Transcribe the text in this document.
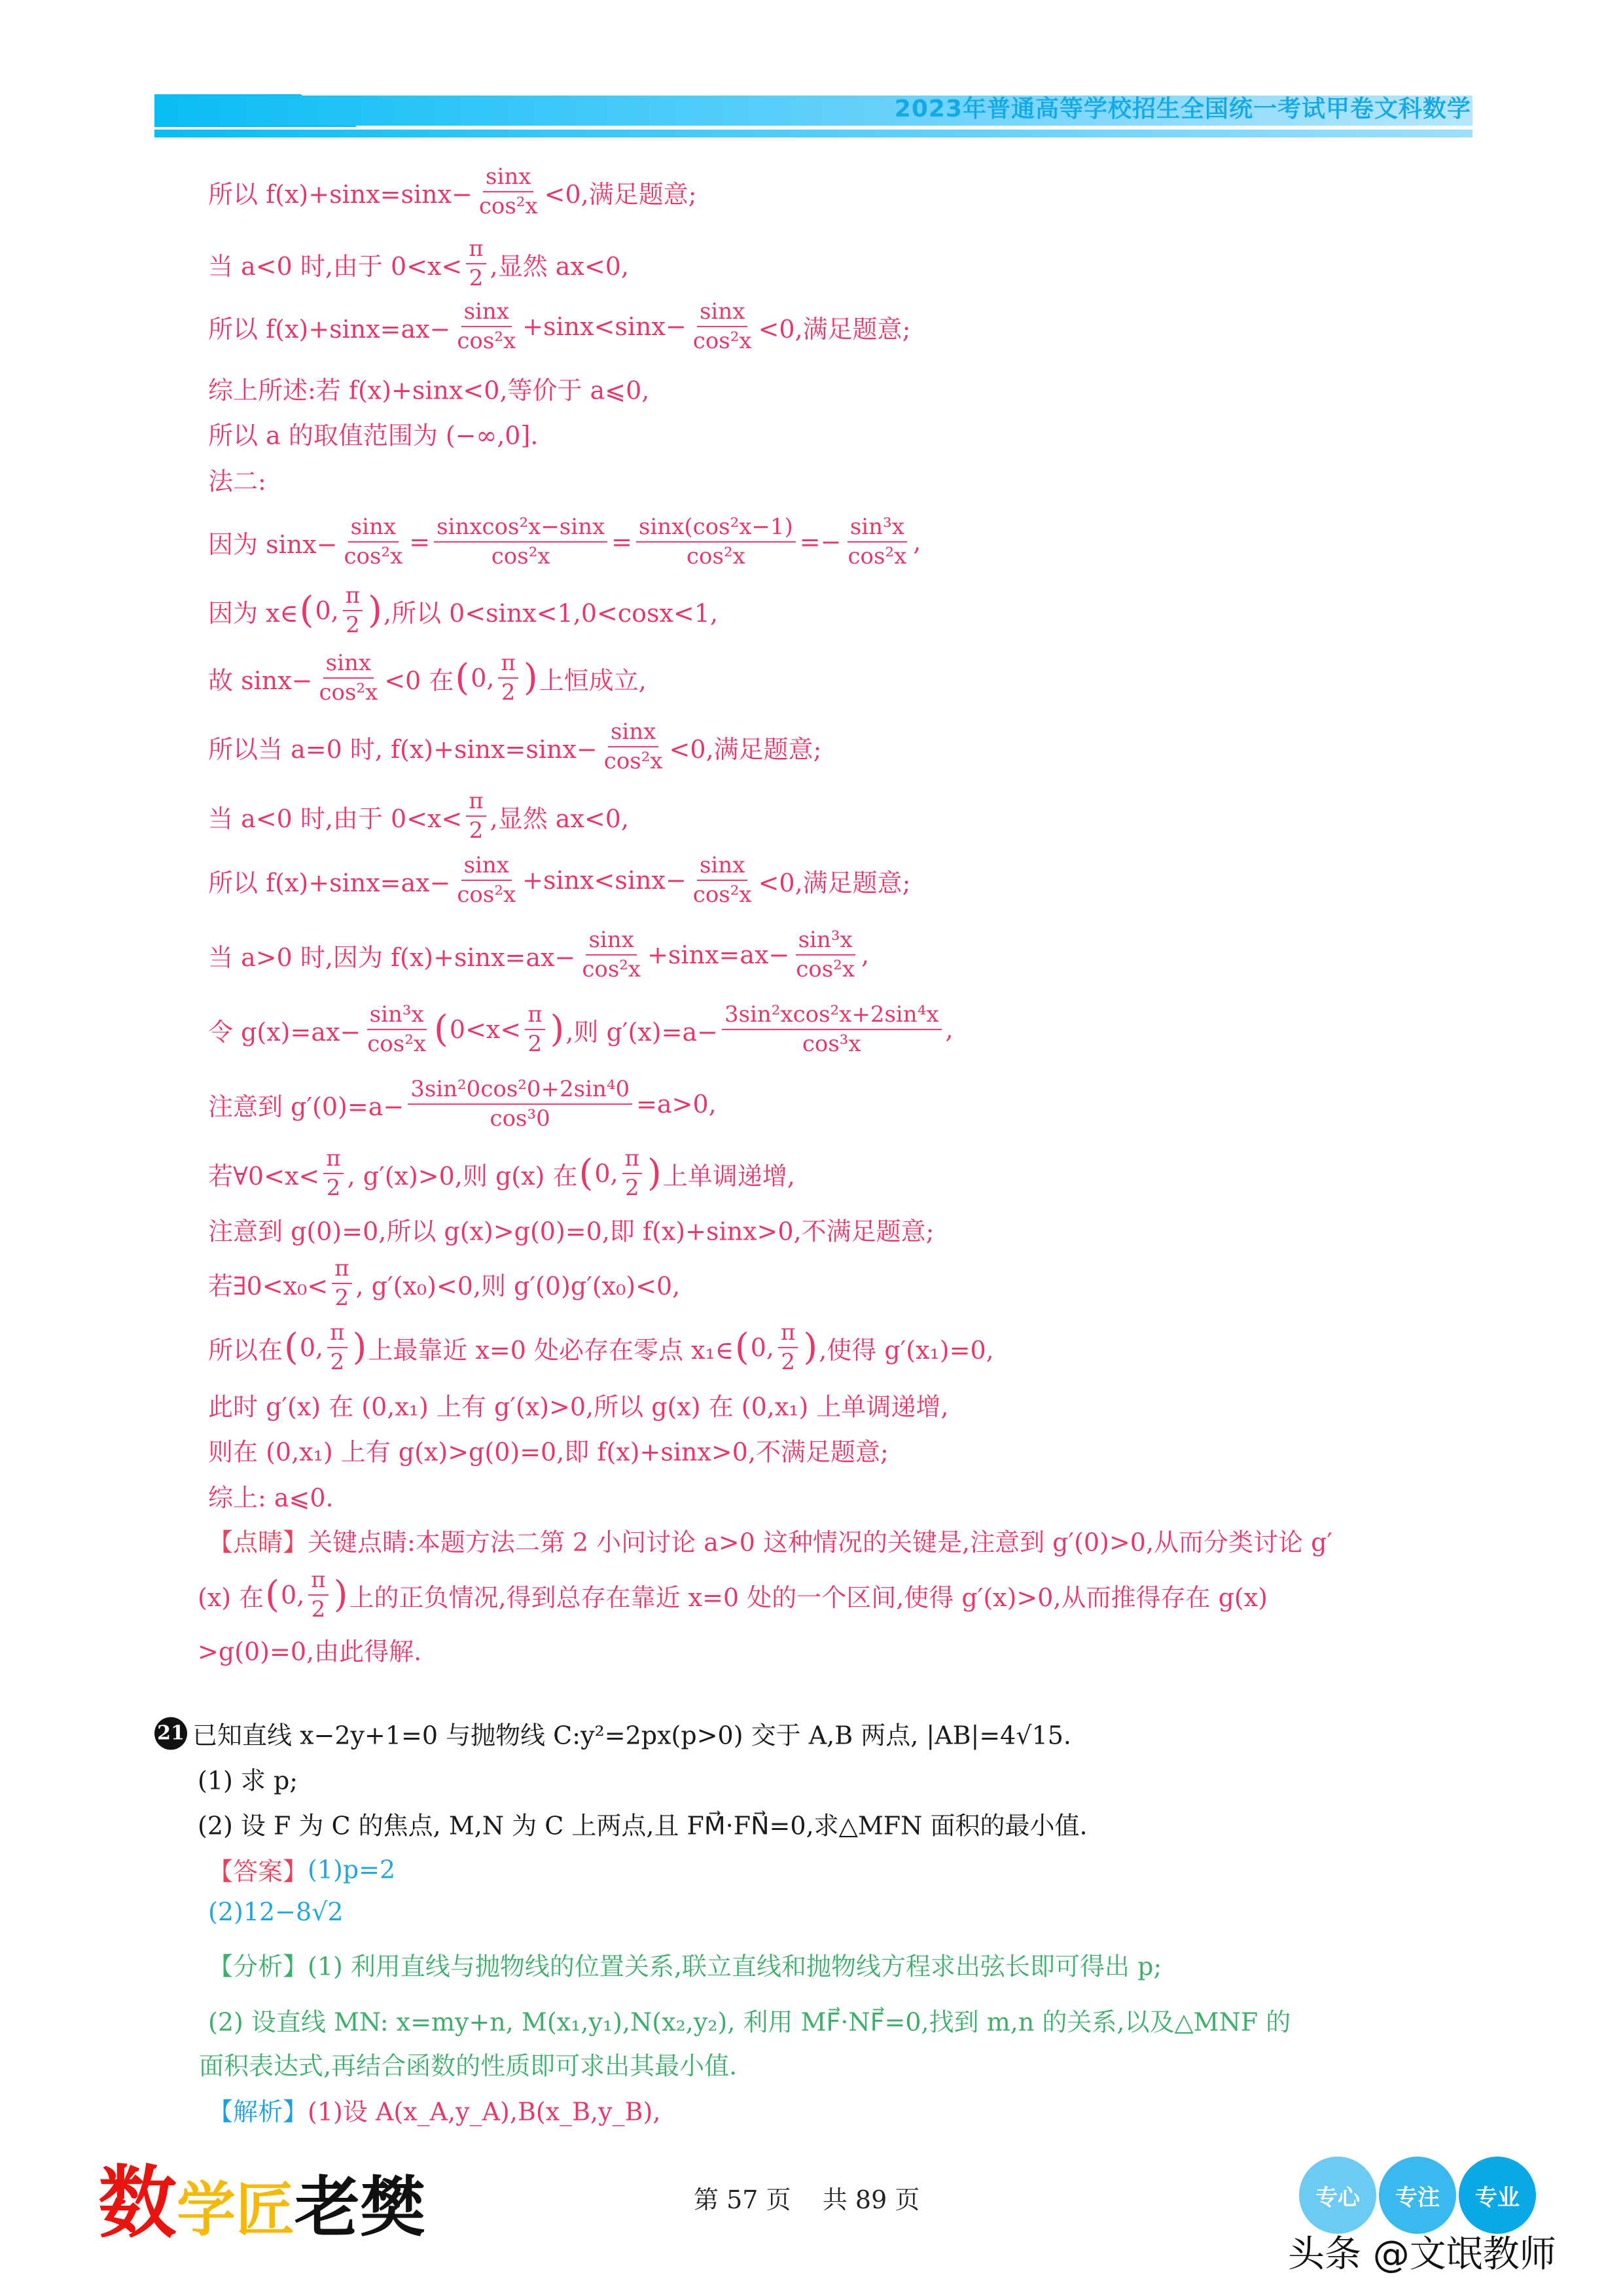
2023年普通高等学校招生全国统一考试甲卷文科数学
所以 $f(x)+\sin x=\sin x- \frac{\sin x}{\text{cos²x}} <0$,满足题意;
当 a<0 时,由于 $0<x< \frac{\pi}{2}$ ,显然 ax<0,
所以 $f(x)+\sin x=ax- \frac{\sin x}{\text{cos²x}} +\sin x<\sin x- \frac{\sin x}{\text{cos²x}} <0$,满足题意;
综上所述:若 f(x)+sinx<0,等价于 a⩽0,
所以 a 的取值范围为 (−∞,0].
法二:
因为 $\sin x- \frac{\sin x}{\text{cos²x}} = \frac{\text{sinxcos²x−sinx}}{\text{cos²x}} = \frac{\text{sinx(cos²x−1)}}{\text{cos²x}} =- \frac{\text{sin³x}}{\text{cos²x}}$ ,
因为 x∈ ( 0, $\frac{\pi}{2}$ ) ,所以 0<sinx<1,0<cosx<1,
故 $\sin x- \frac{\sin x}{\text{cos²x}} <0$ 在 ( 0, $\frac{\pi}{2}$ ) 上恒成立,
所以当 a=0 时, $f(x)+\sin x=\sin x- \frac{\sin x}{\text{cos²x}} <0$,满足题意;
当 a<0 时,由于 $0<x< \frac{\pi}{2}$ ,显然 ax<0,
所以 $f(x)+\sin x=ax- \frac{\sin x}{\text{cos²x}} +\sin x<\sin x- \frac{\sin x}{\text{cos²x}} <0$,满足题意;
当 a>0 时,因为 $f(x)+\sin x=ax- \frac{\sin x}{\text{cos²x}} +\sin x=ax- \frac{\text{sin³x}}{\text{cos²x}}$ ,
令 $g(x)=ax- \frac{\text{sin³x}}{\text{cos²x}}$ ( $0<x< \frac{\pi}{2}$ ) ,则 $g'(x)=a- \frac{\text{3sin²xcos²x+2sin⁴x}}{\text{cos³x}}$ ,
注意到 $g'(0)=a- \frac{\text{3sin²0cos²0+2sin⁴0}}{\text{cos³0}} =a>0$,
若∀0<x< $\frac{\pi}{2}$ , g′(x)>0,则 g(x) 在 ( 0, $\frac{\pi}{2}$ ) 上单调递增,
注意到 g(0)=0,所以 g(x)>g(0)=0,即 f(x)+sinx>0,不满足题意;
若∃0<x₀< $\frac{\pi}{2}$ , g′(x₀)<0,则 g′(0)g′(x₀)<0,
所以在 ( 0, $\frac{\pi}{2}$ ) 上最靠近 x=0 处必存在零点 x₁∈ ( 0, $\frac{\pi}{2}$ ) ,使得 g′(x₁)=0,
此时 g′(x) 在 (0,x₁) 上有 g′(x)>0,所以 g(x) 在 (0,x₁) 上单调递增,
则在 (0,x₁) 上有 g(x)>g(0)=0,即 f(x)+sinx>0,不满足题意;
综上: a⩽0.
【点睛】 关键点睛:本题方法二第 2 小问讨论 a>0 这种情况的关键是,注意到 g′(0)>0,从而分类讨论 g′
(x) 在 ( 0, $\frac{\pi}{2}$ ) 上的正负情况,得到总存在靠近 x=0 处的一个区间,使得 g′(x)>0,从而推得存在 g(x)
>g(0)=0,由此得解.
21 已知直线 x−2y+1=0 与抛物线 C:y²=2px(p>0) 交于 A,B 两点, |AB|=4√15.
(1) 求 p;
(2) 设 F 为 C 的焦点, M,N 为 C 上两点,且 FM⃗·FN⃗=0,求△MFN 面积的最小值.
【答案】 (1)p=2
(2)12−8√2
【分析】 (1) 利用直线与抛物线的位置关系,联立直线和抛物线方程求出弦长即可得出 p;
(2) 设直线 MN: x=my+n, M(x₁,y₁),N(x₂,y₂), 利用 MF⃗·NF⃗=0,找到 m,n 的关系,以及△MNF 的
面积表达式,再结合函数的性质即可求出其最小值.
【解析】 (1)设 A(x_A,y_A),B(x_B,y_B),
数学匠老樊	第 57 页 共 89 页	专心	专注	专业
头条 @文氓教师
